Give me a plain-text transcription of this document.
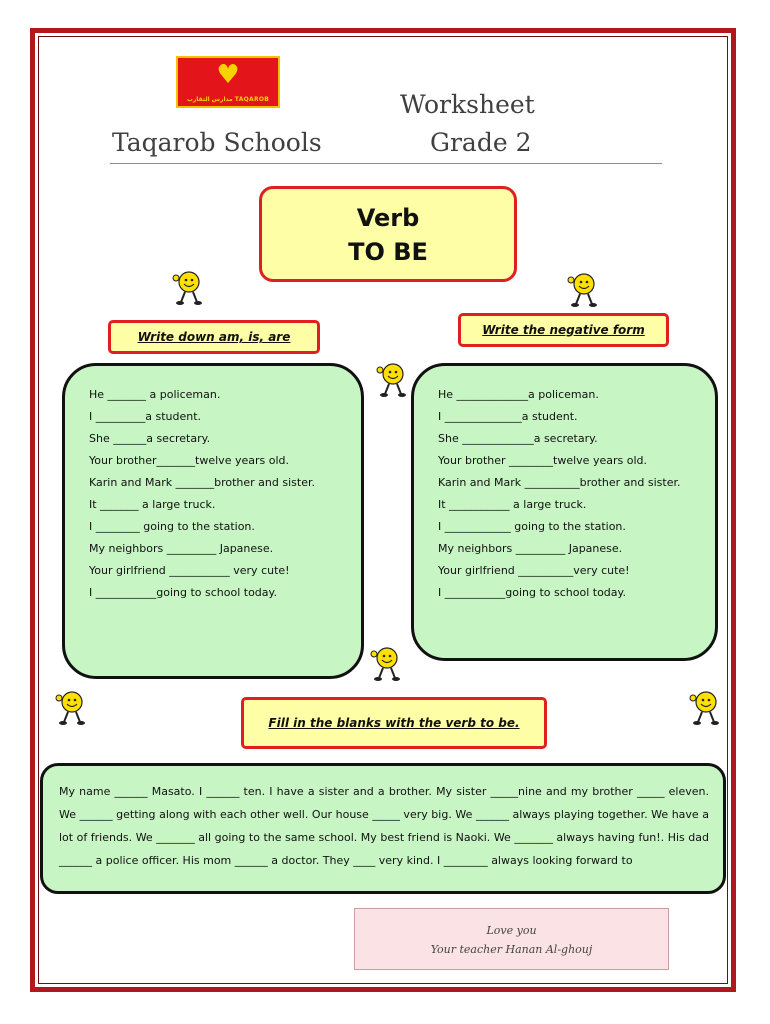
♥
مدارس التقارب TAQAROB
Taqarob Schools
Worksheet
Grade 2
Verb
TO BE
Write down am, is, are	Write the negative form

He _______ a policeman.

I _________a student.

She ______a secretary.

Your brother_______twelve years old.

Karin and Mark _______brother and sister.

It _______ a large truck.

I ________ going to the station.

My neighbors _________ Japanese.

Your girlfriend ___________ very cute!

I ___________going to school today.

He _____________a policeman.

I ______________a student.

She _____________a secretary.

Your brother ________twelve years old.

Karin and Mark __________brother and sister.

It ___________ a large truck.

I ____________ going to the station.

My neighbors _________ Japanese.

Your girlfriend __________very cute!

I ___________going to school today.

Fill in the blanks with the verb to be.

My name ______ Masato. I ______ ten. I have a sister and a brother. My sister _____nine and my brother _____ eleven. We ______ getting along with each other well. Our house _____ very big. We ______ always playing together. We have a lot of friends. We _______ all going to the same school. My best friend is Naoki. We _______ always having fun!. His dad ______ a police officer. His mom ______ a doctor. They ____ very kind. I ________ always looking forward to

Love you
Your teacher Hanan Al-ghouj
